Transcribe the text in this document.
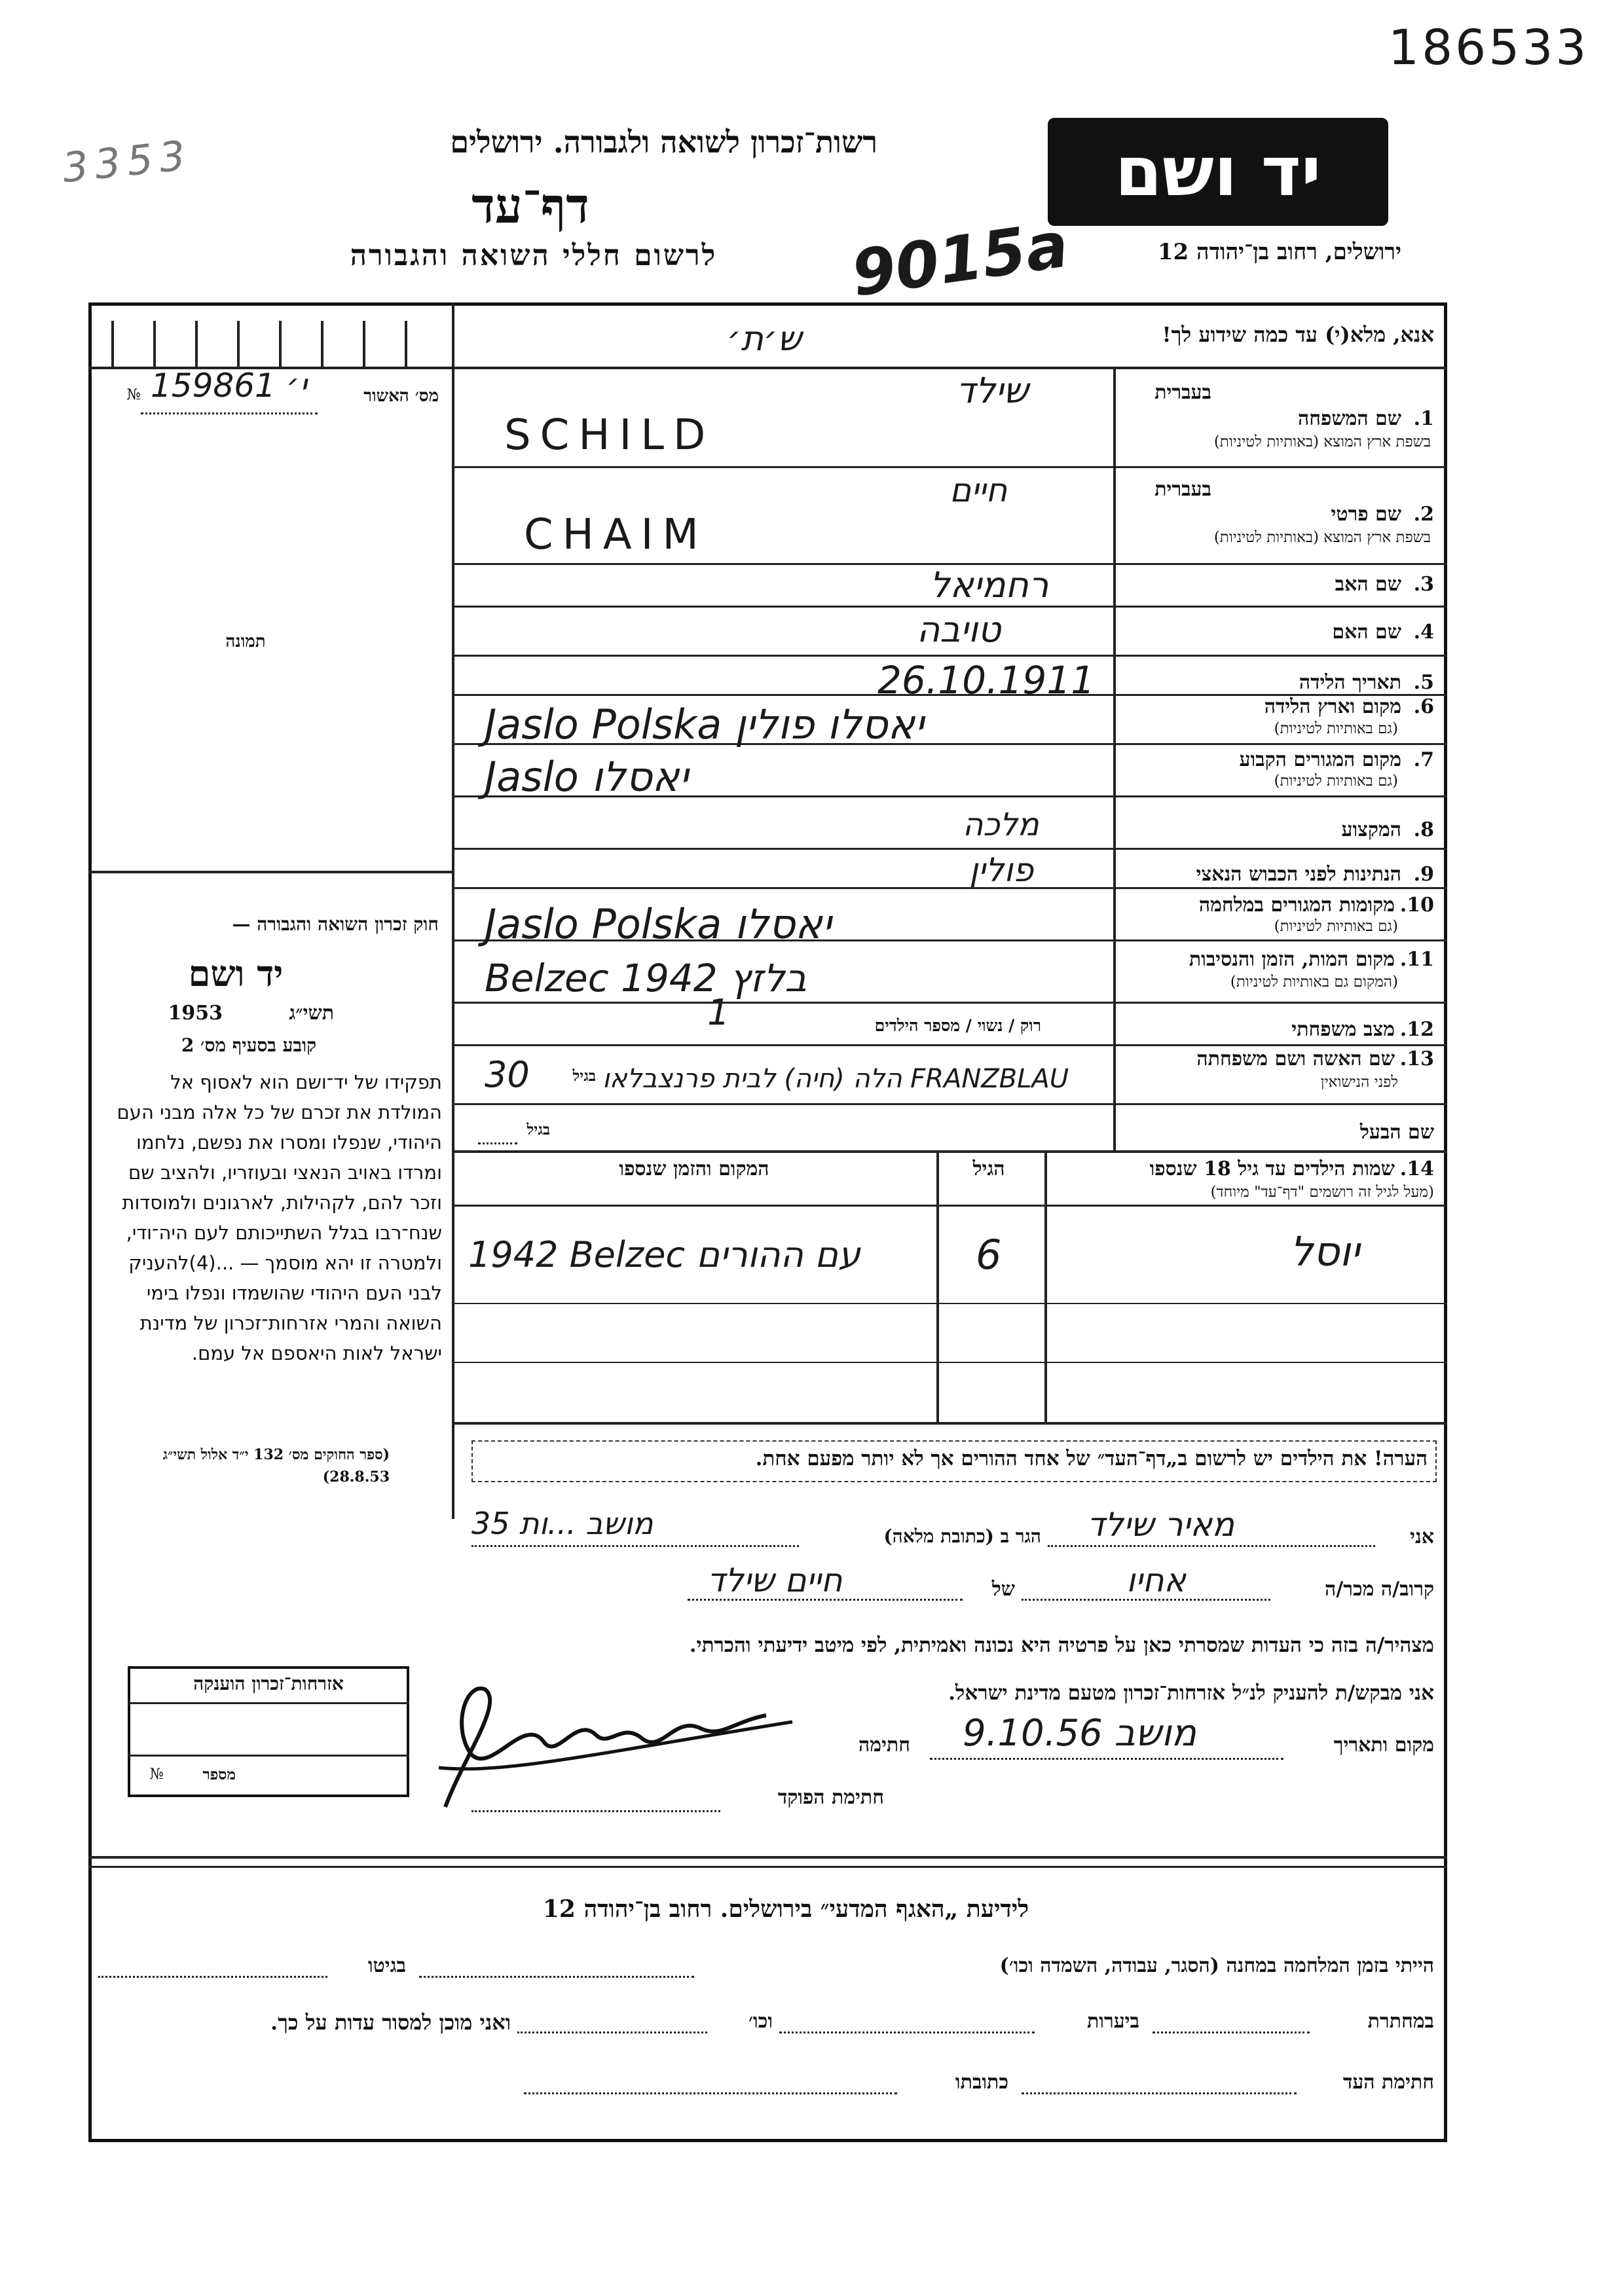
186533
3353	רשות־זכרון לשואה ולגבורה. ירושלים
דף־עד
לרשום חללי השואה והגבורה
יד ושם
ירושלים, רחוב בן־יהודה 12
9015a
אנא, מלא(י) עד כמה שידוע לך!
ש׳ת׳
מס׳ האשור
י׳ 159861
№
תמונה
בעברית
1.
שם המשפחה
בשפת ארץ המוצא (באותיות לטיניות)
שילד
SCHILD
בעברית
2.
שם פרטי
בשפת ארץ המוצא (באותיות לטיניות)
חיים
CHAIM
3.
שם האב
רחמיאל
4.
שם האם
טויבה
5.
תאריך הלידה
26.10.1911
6.
מקום וארץ הלידה
(גם באותיות לטיניות)
Jaslo Polska יאסלו פולין
7.
מקום המגורים הקבוע
(גם באותיות לטיניות)
Jaslo יאסלו
8.
המקצוע
מלכה
9.
הנתינות לפני הכבוש הנאצי
פולין
10.
מקומות המגורים במלחמה
(גם באותיות לטיניות)
Jaslo Polska יאסלו
11.
מקום המות, הזמן והנסיבות
(המקום גם באותיות לטיניות)
Belzec 1942 בלזץ
12.
מצב משפחתי
רוק / נשוי / מספר הילדים
1
13.
שם האשה ושם משפחתה
לפני הנישואין
הלה (חיה) לבית פרנצבלאו FRANZBLAU
בגיל
30
שם הבעל
בגיל
חוק זכרון השואה והגבורה —
יד ושם
תשי״ג
1953
קובע בסעיף מס׳ 2
תפקידו של יד־ושם הוא לאסוף אל המולדת את זכרם של כל אלה מבני העם היהודי, שנפלו ומסרו את נפשם, נלחמו ומרדו באויב הנאצי ובעוזריו, ולהציב שם וזכר להם, לקהילות, לארגונים ולמוסדות שנח־רבו בגלל השתייכותם לעם היה־ודי, ולמטרה זו יהא מוסמך — ...(4)להעניק לבני העם היהודי שהושמדו ונפלו בימי השואה והמרי אזרחות־זכרון של מדינת ישראל לאות היאספם אל עמם.
(ספר החוקים מס׳ 132 י״ד אלול תשי״ג 28.8.53)
14.
שמות הילדים עד גיל 18 שנספו
(מעל לגיל זה רושמים "דף־עד" מיוחד)
הגיל
המקום והזמן שנספו
יוסל
6
1942 Belzec עם ההורים
הערה! את הילדים יש לרשום ב„דף־העד״ של אחד ההורים אך לא יותר מפעם אחת.
אני
מאיר שילד
הגר ב (כתובת מלאה)
מושב ...ות 35
קרוב/ה מכר/ה
אחיו
של
חיים שילד
מצהיר/ה בזה כי העדות שמסרתי כאן על פרטיה היא נכונה ואמיתית, לפי מיטב ידיעתי והכרתי.
אני מבקש/ת להעניק לנ״ל אזרחות־זכרון מטעם מדינת ישראל.
מקום ותאריך
מושב 9.10.56
חתימה
חתימת הפוקד
אזרחות־זכרון הוענקה
מספר
№
לידיעת „האגף המדעי״ בירושלים. רחוב בן־יהודה 12
הייתי בזמן המלחמה במחנה (הסגר, עבודה, השמדה וכו׳)
בגיטו
במחתרת
ביערות
וכו׳
ואני מוכן למסור עדות על כך.
חתימת העד
כתובתו
